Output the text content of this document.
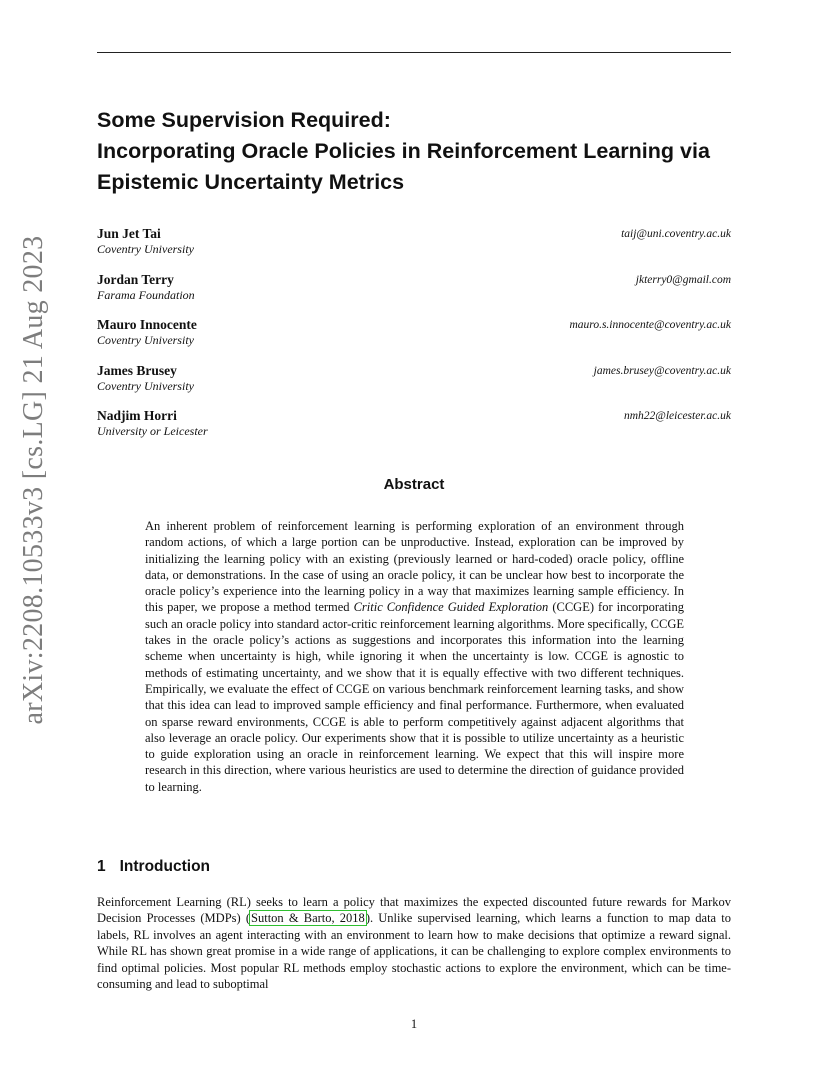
arXiv:2208.10533v3 [cs.LG] 21 Aug 2023
Some Supervision Required:
Incorporating Oracle Policies in Reinforcement Learning via
Epistemic Uncertainty Metrics
Jun Jet Tai
Coventry University
taij@uni.coventry.ac.uk
Jordan Terry
Farama Foundation
jkterry0@gmail.com
Mauro Innocente
Coventry University
mauro.s.innocente@coventry.ac.uk
James Brusey
Coventry University
james.brusey@coventry.ac.uk
Nadjim Horri
University or Leicester
nmh22@leicester.ac.uk
Abstract
An inherent problem of reinforcement learning is performing exploration of an environment through random actions, of which a large portion can be unproductive. Instead, exploration can be improved by initializing the learning policy with an existing (previously learned or hard-coded) oracle policy, offline data, or demonstrations. In the case of using an oracle policy, it can be unclear how best to incorporate the oracle policy’s experience into the learning policy in a way that maximizes learning sample efficiency. In this paper, we propose a method termed Critic Confidence Guided Exploration (CCGE) for incorporating such an oracle policy into standard actor-critic reinforcement learning algorithms. More specifically, CCGE takes in the oracle policy’s actions as suggestions and incorporates this information into the learning scheme when uncertainty is high, while ignoring it when the uncertainty is low. CCGE is agnostic to methods of estimating uncertainty, and we show that it is equally effective with two different techniques. Empirically, we evaluate the effect of CCGE on various benchmark reinforcement learning tasks, and show that this idea can lead to improved sample efficiency and final performance. Furthermore, when evaluated on sparse reward environments, CCGE is able to perform competitively against adjacent algorithms that also leverage an oracle policy. Our experiments show that it is possible to utilize uncertainty as a heuristic to guide exploration using an oracle in reinforcement learning. We expect that this will inspire more research in this direction, where various heuristics are used to determine the direction of guidance provided to learning.
1 Introduction
Reinforcement Learning (RL) seeks to learn a policy that maximizes the expected discounted future rewards for Markov Decision Processes (MDPs) (Sutton & Barto, 2018). Unlike supervised learning, which learns a function to map data to labels, RL involves an agent interacting with an environment to learn how to make decisions that optimize a reward signal. While RL has shown great promise in a wide range of applications, it can be challenging to explore complex environments to find optimal policies. Most popular RL methods employ stochastic actions to explore the environment, which can be time-consuming and lead to suboptimal
1
